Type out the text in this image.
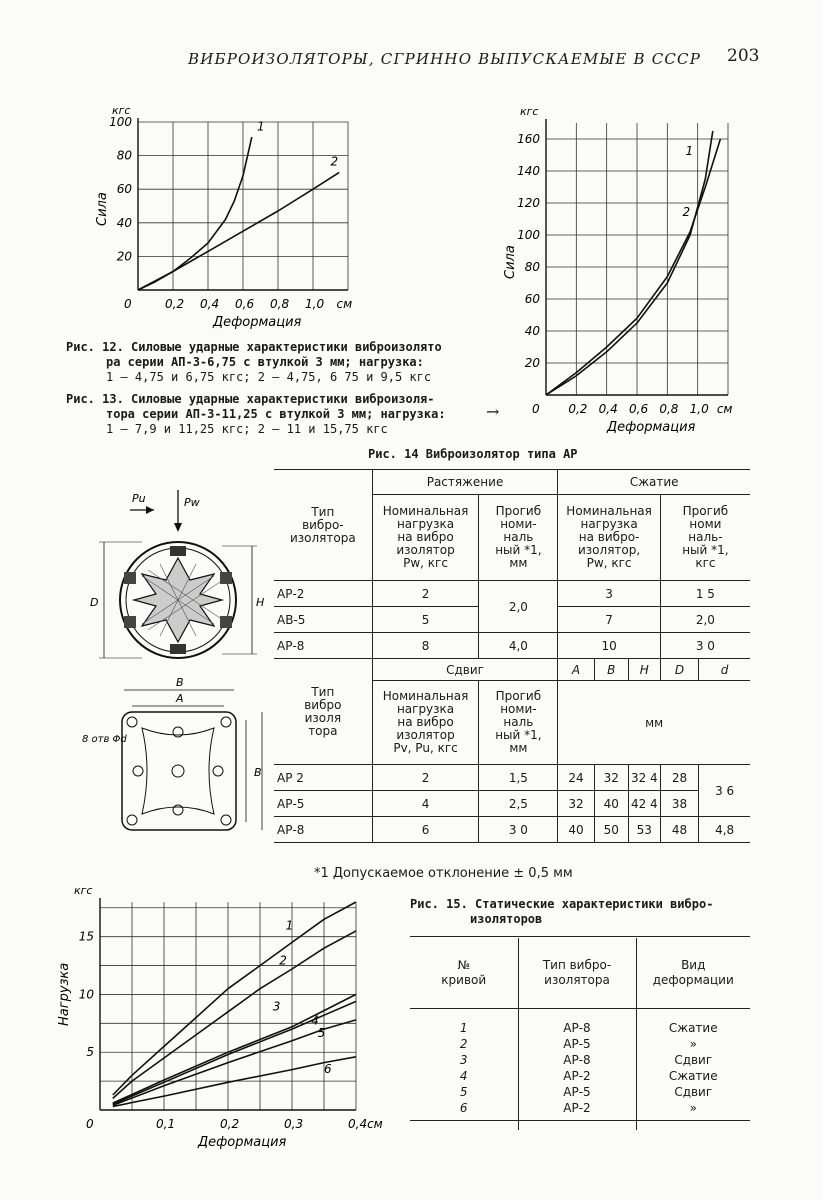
ВИБРОИЗОЛЯТОРЫ, СГРИННО ВЫПУСКАЕМЫЕ В СССР 203
0	0,2 0,4 0,6 0,8 1,0 см
20
40
60
80
100
кгс
Деформация
Сила
1
2
0 0,2 0,4 0,6 0,8 1,0 см
20
40
60
80
100
120
140
160
кгс
Деформация
Сила
1
2
Рис. 12. Силовые ударные характеристики виброизолято
ра серии АП-3-6,75 с втулкой 3 мм; нагрузка:
1 — 4,75 и 6,75 кгс; 2 — 4,75, 6 75 и 9,5 кгс
Рис. 13. Силовые ударные характеристики виброизоля-
тора серии АП-3-11,25 с втулкой 3 мм; нагрузка:
1 — 7,9 и 11,25 кгс; 2 — 11 и 15,75 кгс
→
Рис. 14 Виброизолятор типа АР
Pu	Pw
D	H
B
A
B
8 отв Φd
Тип
вибро-
изолятора	Растяжение		Сжатие				
	Номинальная
нагрузка
на вибро
изолятор
Pw, кгс	Прогиб
номи-
наль
ный *1,
мм	Номинальная
нагрузка
на вибро-
изолятор,
Pw, кгс			Прогиб
номи
наль-
ный *1,
кгс	
АР-2	2	2,0	3			1 5	
АВ-5	5		7			2,0	
АР-8	8	4,0	10			3 0	
Тип
вибро
изоля
тора	Сдвиг		A	B	H	D	d
	Номинальная
нагрузка
на вибро
изолятор
Pv, Pu, кгс	Прогиб
номи-
наль
ный *1,
мм	мм				
АР 2	2	1,5	24	32	32 4	28	3 6
АР-5	4	2,5	32	40	42 4	38	
АР-8	6	3 0	40	50	53	48	4,8
*1 Допускаемое отклонение ± 0,5 мм
0	0,1	0,2	0,3	0,4см
5
10
15
кгс
Деформация
Нагрузка
1
2
3
4
5
6
Рис. 15. Статические характеристики вибро-
изоляторов
№
кривой	Тип вибро-
изолятора	Вид
деформации

1	АР-8	Сжатие
2	АР-5	»
3	АР-8	Сдвиг
4	АР-2	Сжатие
5	АР-5	Сдвиг
6	АР-2	»
